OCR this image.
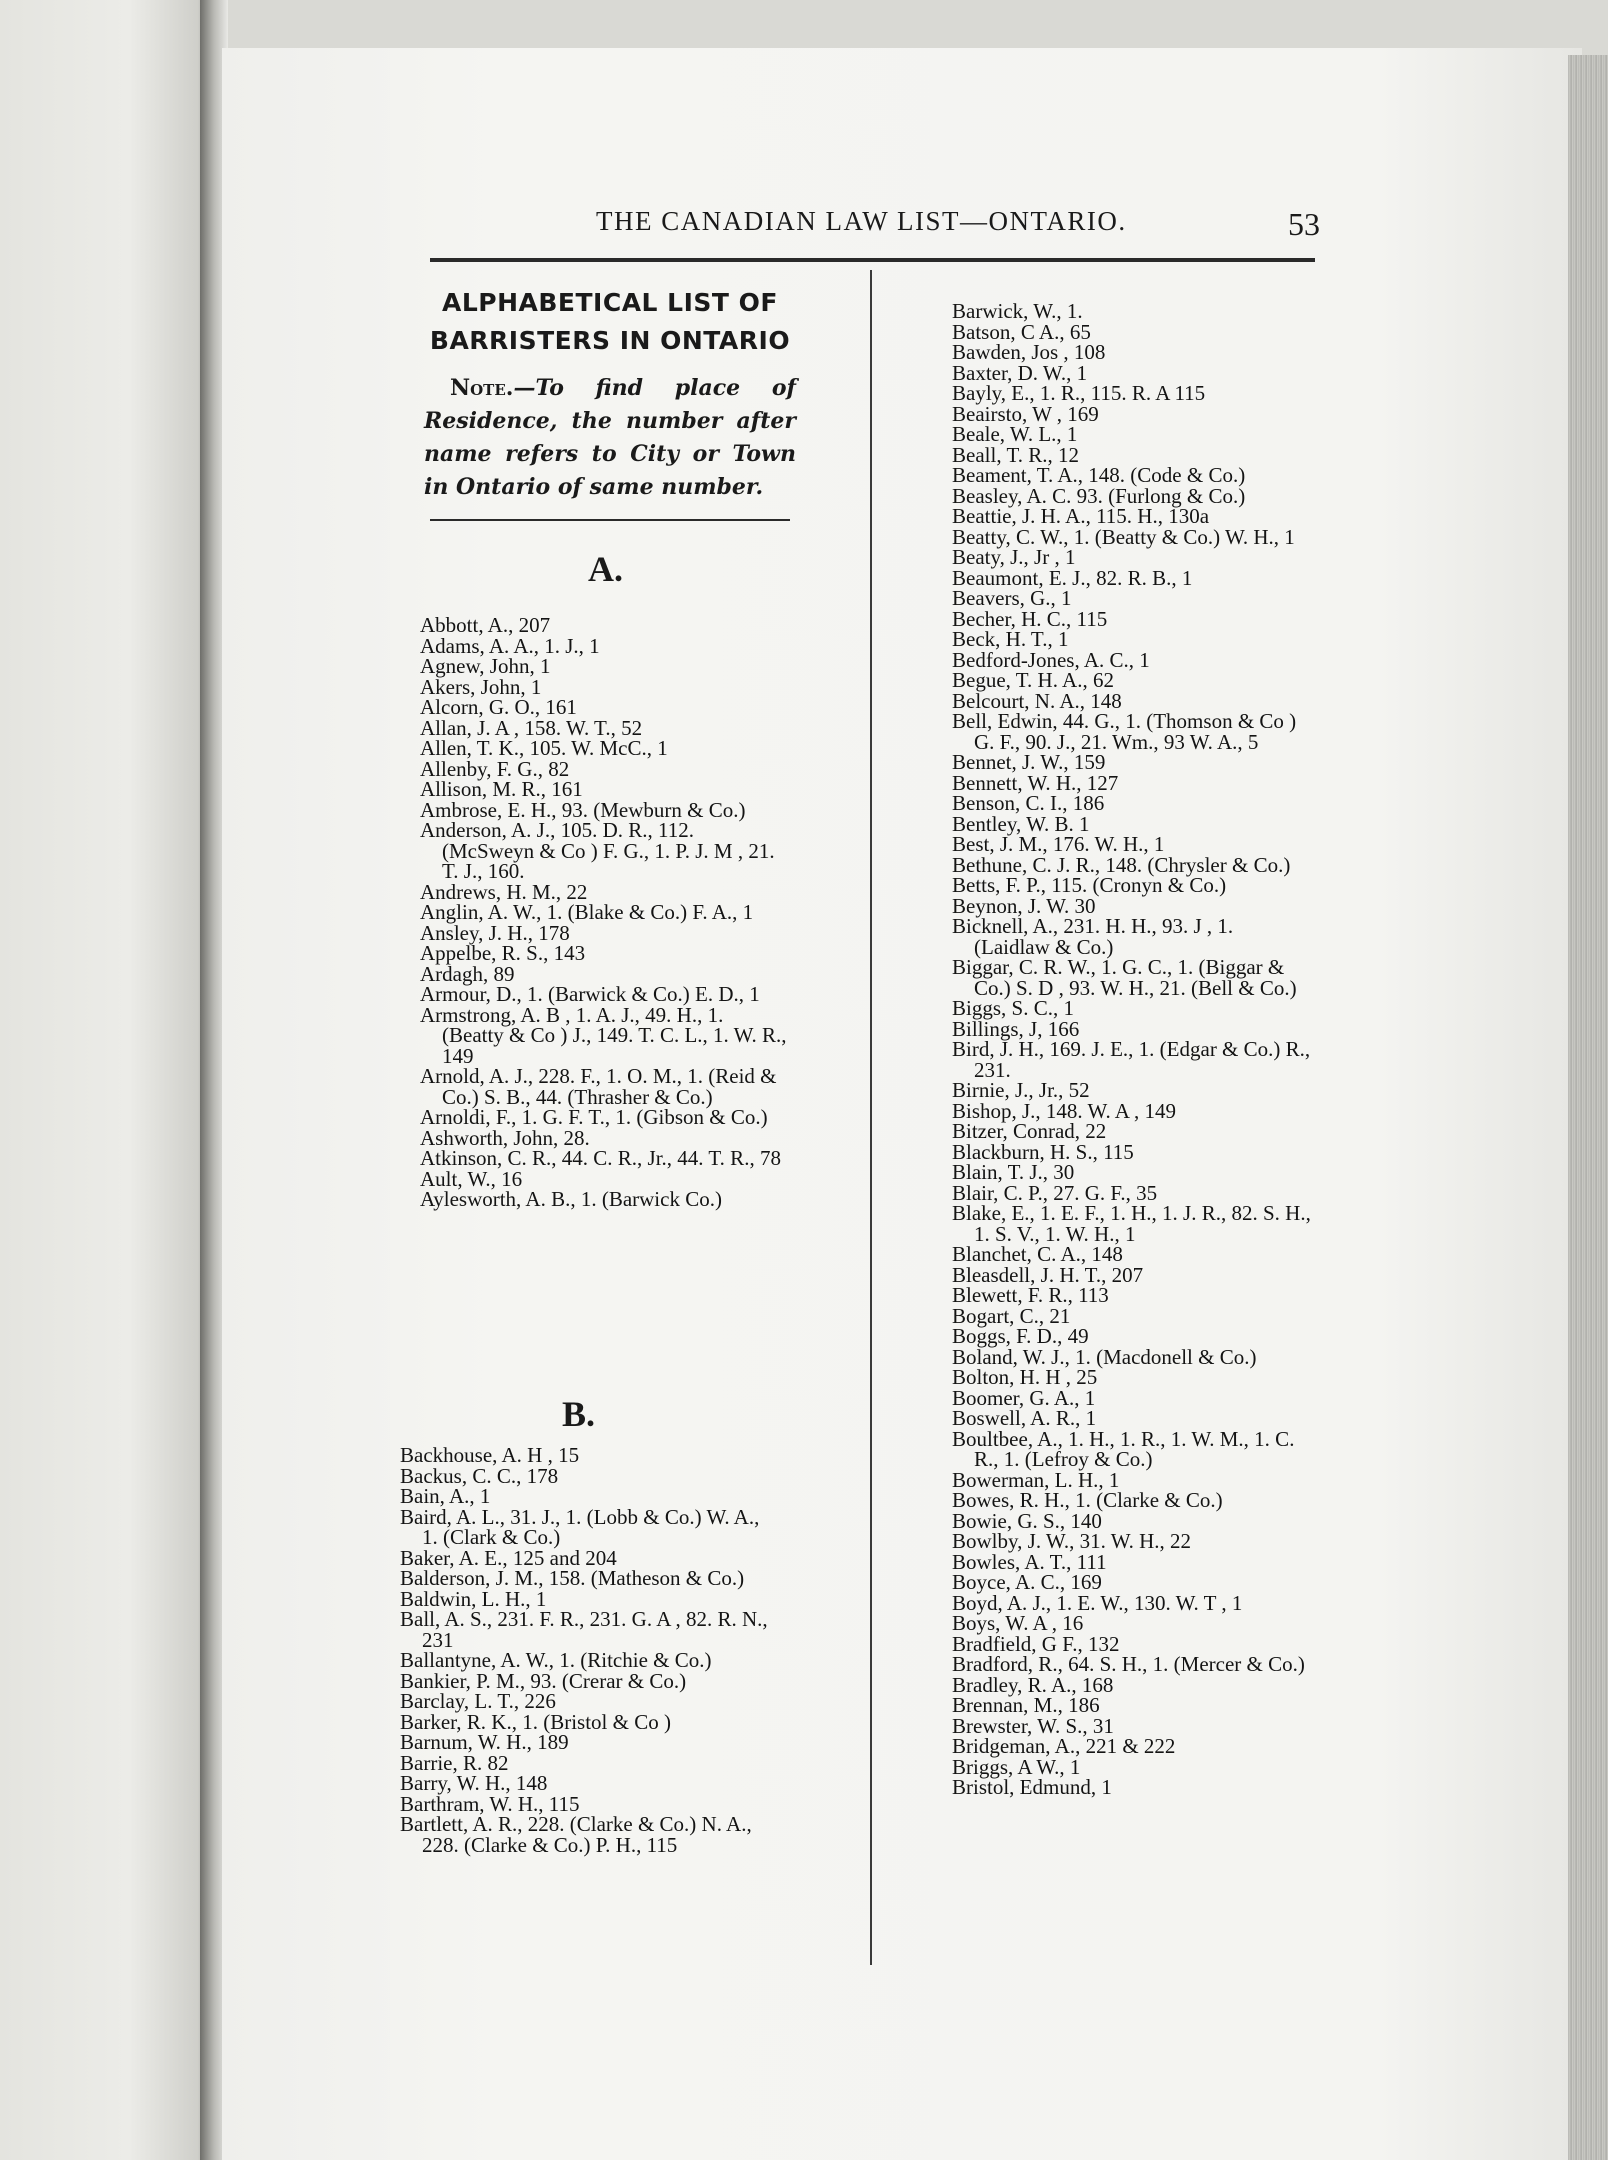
THE CANADIAN LAW LIST—ONTARIO.	53
ALPHABETICAL LIST OF BARRISTERS IN ONTARIO
Note.—To find place of Residence, the number after name refers to City or Town in Ontario of same number.
A.

Abbott, A., 207

Adams, A. A., 1. J., 1

Agnew, John, 1

Akers, John, 1

Alcorn, G. O., 161

Allan, J. A , 158. W. T., 52

Allen, T. K., 105. W. McC., 1

Allenby, F. G., 82

Allison, M. R., 161

Ambrose, E. H., 93. (Mewburn & Co.)

Anderson, A. J., 105. D. R., 112. (McSweyn & Co ) F. G., 1. P. J. M , 21. T. J., 160.

Andrews, H. M., 22

Anglin, A. W., 1. (Blake & Co.) F. A., 1

Ansley, J. H., 178

Appelbe, R. S., 143

Ardagh, 89

Armour, D., 1. (Barwick & Co.) E. D., 1

Armstrong, A. B , 1. A. J., 49. H., 1. (Beatty & Co ) J., 149. T. C. L., 1. W. R., 149

Arnold, A. J., 228. F., 1. O. M., 1. (Reid & Co.) S. B., 44. (Thrasher & Co.)

Arnoldi, F., 1. G. F. T., 1. (Gibson & Co.)

Ashworth, John, 28.

Atkinson, C. R., 44. C. R., Jr., 44. T. R., 78

Ault, W., 16

Aylesworth, A. B., 1. (Barwick Co.)

B.

Backhouse, A. H , 15

Backus, C. C., 178

Bain, A., 1

Baird, A. L., 31. J., 1. (Lobb & Co.) W. A., 1. (Clark & Co.)

Baker, A. E., 125 and 204

Balderson, J. M., 158. (Matheson & Co.)

Baldwin, L. H., 1

Ball, A. S., 231. F. R., 231. G. A , 82. R. N., 231

Ballantyne, A. W., 1. (Ritchie & Co.)

Bankier, P. M., 93. (Crerar & Co.)

Barclay, L. T., 226

Barker, R. K., 1. (Bristol & Co )

Barnum, W. H., 189

Barrie, R. 82

Barry, W. H., 148

Barthram, W. H., 115

Bartlett, A. R., 228. (Clarke & Co.) N. A., 228. (Clarke & Co.) P. H., 115

Barwick, W., 1.

Batson, C A., 65

Bawden, Jos , 108

Baxter, D. W., 1

Bayly, E., 1. R., 115. R. A 115

Beairsto, W , 169

Beale, W. L., 1

Beall, T. R., 12

Beament, T. A., 148. (Code & Co.)

Beasley, A. C. 93. (Furlong & Co.)

Beattie, J. H. A., 115. H., 130a

Beatty, C. W., 1. (Beatty & Co.) W. H., 1

Beaty, J., Jr , 1

Beaumont, E. J., 82. R. B., 1

Beavers, G., 1

Becher, H. C., 115

Beck, H. T., 1

Bedford-Jones, A. C., 1

Begue, T. H. A., 62

Belcourt, N. A., 148

Bell, Edwin, 44. G., 1. (Thomson & Co ) G. F., 90. J., 21. Wm., 93 W. A., 5

Bennet, J. W., 159

Bennett, W. H., 127

Benson, C. I., 186

Bentley, W. B. 1

Best, J. M., 176. W. H., 1

Bethune, C. J. R., 148. (Chrysler & Co.)

Betts, F. P., 115. (Cronyn & Co.)

Beynon, J. W. 30

Bicknell, A., 231. H. H., 93. J , 1. (Laidlaw & Co.)

Biggar, C. R. W., 1. G. C., 1. (Biggar & Co.) S. D , 93. W. H., 21. (Bell & Co.)

Biggs, S. C., 1

Billings, J, 166

Bird, J. H., 169. J. E., 1. (Edgar & Co.) R., 231.

Birnie, J., Jr., 52

Bishop, J., 148. W. A , 149

Bitzer, Conrad, 22

Blackburn, H. S., 115

Blain, T. J., 30

Blair, C. P., 27. G. F., 35

Blake, E., 1. E. F., 1. H., 1. J. R., 82. S. H., 1. S. V., 1. W. H., 1

Blanchet, C. A., 148

Bleasdell, J. H. T., 207

Blewett, F. R., 113

Bogart, C., 21

Boggs, F. D., 49

Boland, W. J., 1. (Macdonell & Co.)

Bolton, H. H , 25

Boomer, G. A., 1

Boswell, A. R., 1

Boultbee, A., 1. H., 1. R., 1. W. M., 1. C. R., 1. (Lefroy & Co.)

Bowerman, L. H., 1

Bowes, R. H., 1. (Clarke & Co.)

Bowie, G. S., 140

Bowlby, J. W., 31. W. H., 22

Bowles, A. T., 111

Boyce, A. C., 169

Boyd, A. J., 1. E. W., 130. W. T , 1

Boys, W. A , 16

Bradfield, G F., 132

Bradford, R., 64. S. H., 1. (Mercer & Co.)

Bradley, R. A., 168

Brennan, M., 186

Brewster, W. S., 31

Bridgeman, A., 221 & 222

Briggs, A W., 1

Bristol, Edmund, 1
